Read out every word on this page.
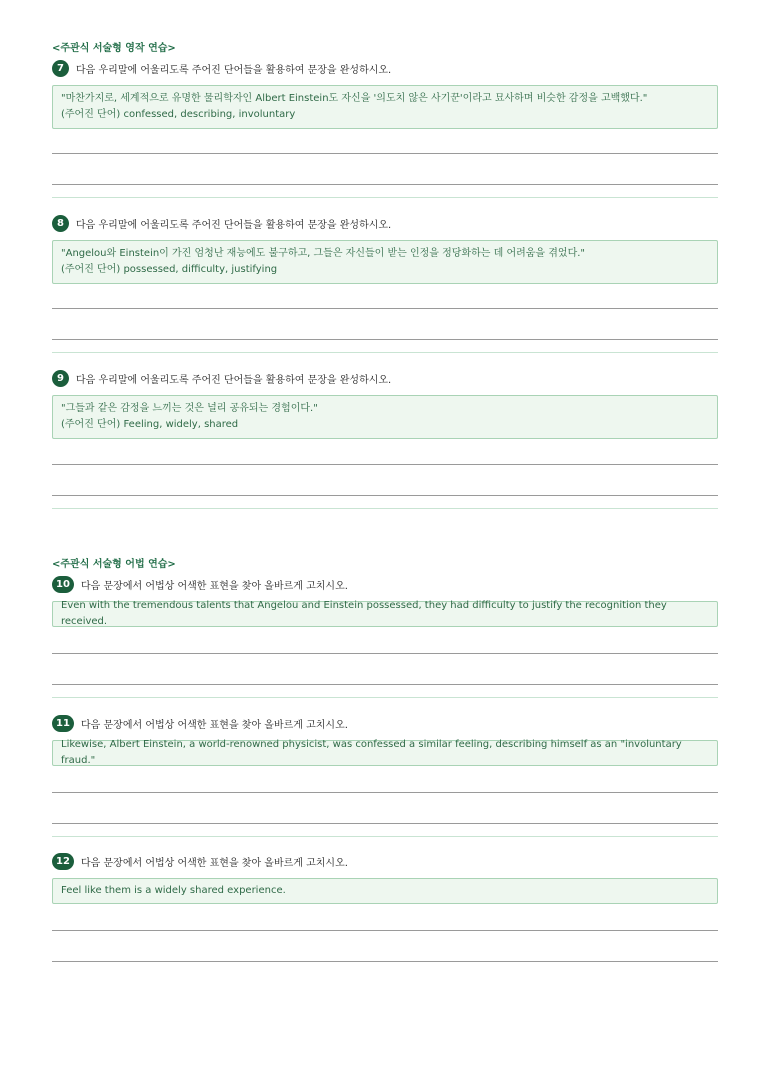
<주관식 서술형 영작 연습>
7	다음 우리말에 어울리도록 주어진 단어들을 활용하여 문장을 완성하시오.
"마찬가지로, 세계적으로 유명한 물리학자인 Albert Einstein도 자신을 '의도치 않은 사기꾼'이라고 묘사하며 비슷한 감정을 고백했다."
(주어진 단어) confessed, describing, involuntary
8	다음 우리말에 어울리도록 주어진 단어들을 활용하여 문장을 완성하시오.
"Angelou와 Einstein이 가진 엄청난 재능에도 불구하고, 그들은 자신들이 받는 인정을 정당화하는 데 어려움을 겪었다."
(주어진 단어) possessed, difficulty, justifying
9	다음 우리말에 어울리도록 주어진 단어들을 활용하여 문장을 완성하시오.
"그들과 같은 감정을 느끼는 것은 널리 공유되는 경험이다."
(주어진 단어) Feeling, widely, shared
<주관식 서술형 어법 연습>
10	다음 문장에서 어법상 어색한 표현을 찾아 올바르게 고치시오.
Even with the tremendous talents that Angelou and Einstein possessed, they had difficulty to justify the recognition they received.
11	다음 문장에서 어법상 어색한 표현을 찾아 올바르게 고치시오.
Likewise, Albert Einstein, a world-renowned physicist, was confessed a similar feeling, describing himself as an "involuntary fraud."
12	다음 문장에서 어법상 어색한 표현을 찾아 올바르게 고치시오.
Feel like them is a widely shared experience.
